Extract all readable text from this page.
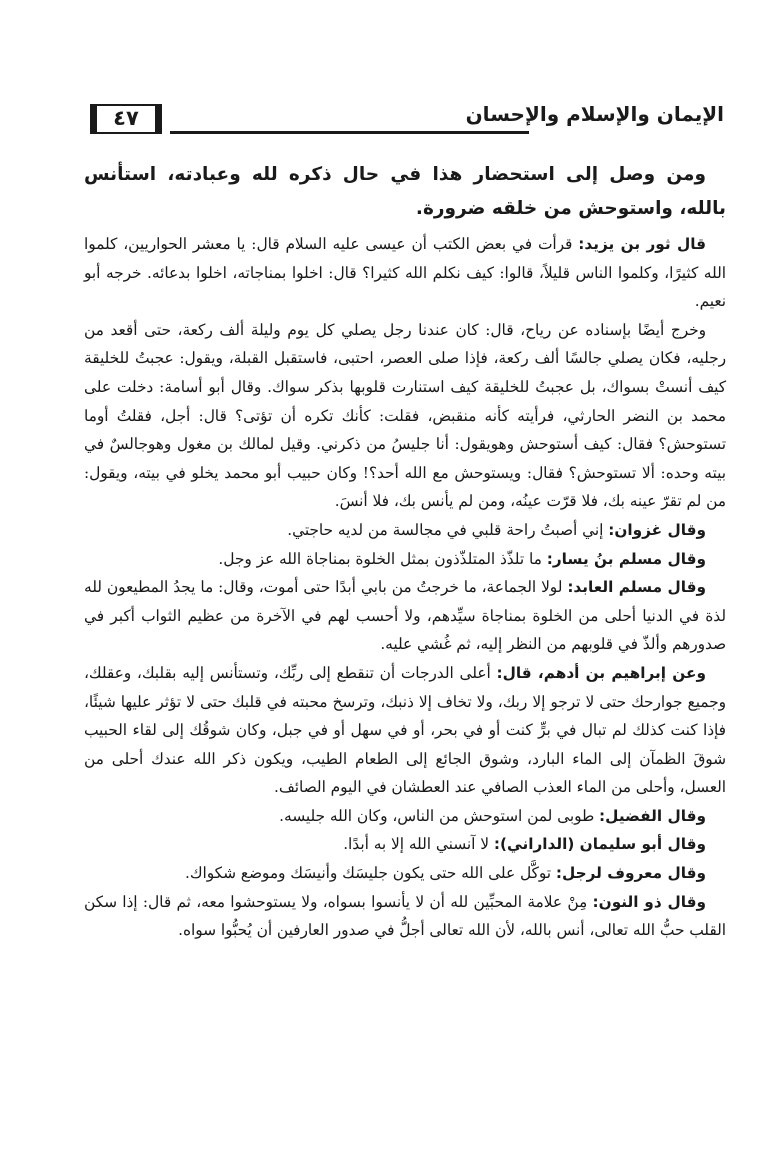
٤٧	الإيمان والإسلام والإحسان

ومن وصل إلى استحضار هذا في حال ذكره لله وعبادته، استأنس بالله، واستوحش من خلقه ضرورة.

قال ثور بن يزيد: قرأت في بعض الكتب أن عيسى عليه السلام قال: يا معشر الحواريين، كلموا الله كثيرًا، وكلموا الناس قليلاً، قالوا: كيف نكلم الله كثيرا؟ قال: اخلوا بمناجاته، اخلوا بدعائه. خرجه أبو نعيم.

وخرج أيضًا بإسناده عن رياح، قال: كان عندنا رجل يصلي كل يوم وليلة ألف ركعة، حتى أقعد من رجليه، فكان يصلي جالسًا ألف ركعة، فإذا صلى العصر، احتبى، فاستقبل القبلة، ويقول: عجبتُ للخليقة كيف أنستْ بسواك، بل عجبتُ للخليقة كيف استنارت قلوبها بذكر سواك. وقال أبو أسامة: دخلت على محمد بن النضر الحارثي، فرأيته كأنه منقبض، فقلت: كأنك تكره أن تؤتى؟ قال: أجل، فقلتُ أوما تستوحش؟ فقال: كيف أستوحش وهويقول: أنا جليسُ من ذكرني. وقيل لمالك بن مغول وهوجالسٌ في بيته وحده: ألا تستوحش؟ فقال: ويستوحش مع الله أحد؟! وكان حبيب أبو محمد يخلو في بيته، ويقول: من لم تقرّ عينه بك، فلا قرّت عينُه، ومن لم يأنس بك، فلا أنسَ.

وقال غزوان: إني أصبتُ راحة قلبي في مجالسة من لديه حاجتي.

وقال مسلم بنُ يسار: ما تلذّذ المتلذّذون بمثل الخلوة بمناجاة الله عز وجل.

وقال مسلم العابد: لولا الجماعة، ما خرجتُ من بابي أبدًا حتى أموت، وقال: ما يجدُ المطيعون لله لذة في الدنيا أحلى من الخلوة بمناجاة سيِّدهم، ولا أحسب لهم في الآخرة من عظيم الثواب أكبر في صدورهم وألذّ في قلوبهم من النظر إليه، ثم غُشي عليه.

وعن إبراهيم بن أدهم، قال: أعلى الدرجات أن تنقطع إلى ربِّك، وتستأنس إليه بقلبك، وعقلك، وجميع جوارحك حتى لا ترجو إلا ربك، ولا تخاف إلا ذنبك، وترسخ محبته في قلبك حتى لا تؤثر عليها شيئًا، فإذا كنت كذلك لم تبال في برٍّ كنت أو في بحر، أو في سهل أو في جبل، وكان شوقُك إلى لقاء الحبيب شوقَ الظمآن إلى الماء البارد، وشوق الجائع إلى الطعام الطيب، ويكون ذكر الله عندك أحلى من العسل، وأحلى من الماء العذب الصافي عند العطشان في اليوم الصائف.

وقال الفضيل: طوبى لمن استوحش من الناس، وكان الله جليسه.

وقال أبو سليمان (الداراني): لا آنسني الله إلا به أبدًا.

وقال معروف لرجل: توكَّل على الله حتى يكون جليسَك وأنيسَك وموضع شكواك.

وقال ذو النون: مِنْ علامة المحبِّين لله أن لا يأنسوا بسواه، ولا يستوحشوا معه، ثم قال: إذا سكن القلب حبُّ الله تعالى، أنس بالله، لأن الله تعالى أجلُّ في صدور العارفين أن يُحبُّوا سواه.
